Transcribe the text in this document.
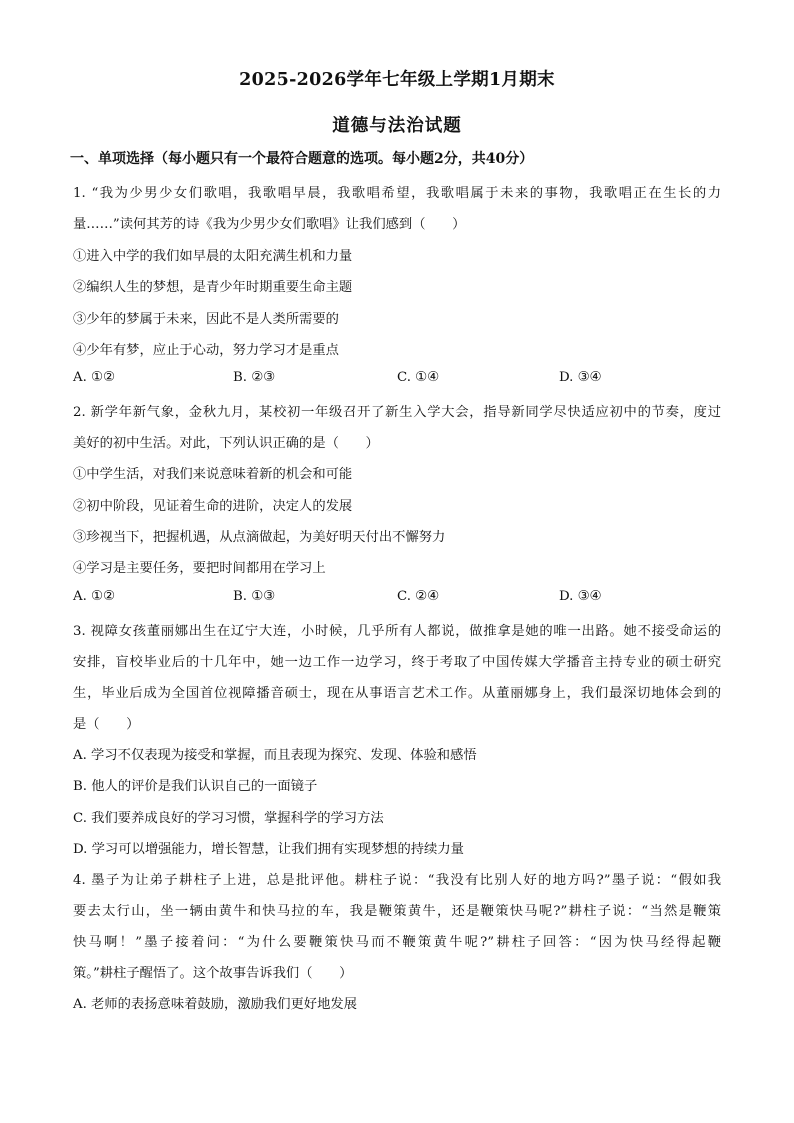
2025-2026学年七年级上学期1月期末
道德与法治试题
一、单项选择（每小题只有一个最符合题意的选项。每小题2分，共40分）
1. “我为少男少女们歌唱，我歌唱早晨，我歌唱希望，我歌唱属于未来的事物，我歌唱正在生长的力
量……”读何其芳的诗《我为少男少女们歌唱》让我们感到（　　）
①进入中学的我们如早晨的太阳充满生机和力量
②编织人生的梦想，是青少年时期重要生命主题
③少年的梦属于未来，因此不是人类所需要的
④少年有梦，应止于心动，努力学习才是重点
A. ①②	B. ②③	C. ①④	D. ③④
2. 新学年新气象，金秋九月，某校初一年级召开了新生入学大会，指导新同学尽快适应初中的节奏，度过
美好的初中生活。对此，下列认识正确的是（　　）
①中学生活，对我们来说意味着新的机会和可能
②初中阶段，见证着生命的进阶，决定人的发展
③珍视当下，把握机遇，从点滴做起，为美好明天付出不懈努力
④学习是主要任务，要把时间都用在学习上
A. ①②	B. ①③	C. ②④	D. ③④
3. 视障女孩董丽娜出生在辽宁大连，小时候，几乎所有人都说，做推拿是她的唯一出路。她不接受命运的
安排，盲校毕业后的十几年中，她一边工作一边学习，终于考取了中国传媒大学播音主持专业的硕士研究
生，毕业后成为全国首位视障播音硕士，现在从事语言艺术工作。从董丽娜身上，我们最深切地体会到的
是（　　）
A. 学习不仅表现为接受和掌握，而且表现为探究、发现、体验和感悟
B. 他人的评价是我们认识自己的一面镜子
C. 我们要养成良好的学习习惯，掌握科学的学习方法
D. 学习可以增强能力，增长智慧，让我们拥有实现梦想的持续力量
4. 墨子为让弟子耕柱子上进，总是批评他。耕柱子说：“我没有比别人好的地方吗?”墨子说：“假如我
要去太行山，坐一辆由黄牛和快马拉的车，我是鞭策黄牛，还是鞭策快马呢?”耕柱子说：“当然是鞭策
快马啊！”墨子接着问：“为什么要鞭策快马而不鞭策黄牛呢?”耕柱子回答：“因为快马经得起鞭
策。”耕柱子醒悟了。这个故事告诉我们（　　）
A. 老师的表扬意味着鼓励，激励我们更好地发展
